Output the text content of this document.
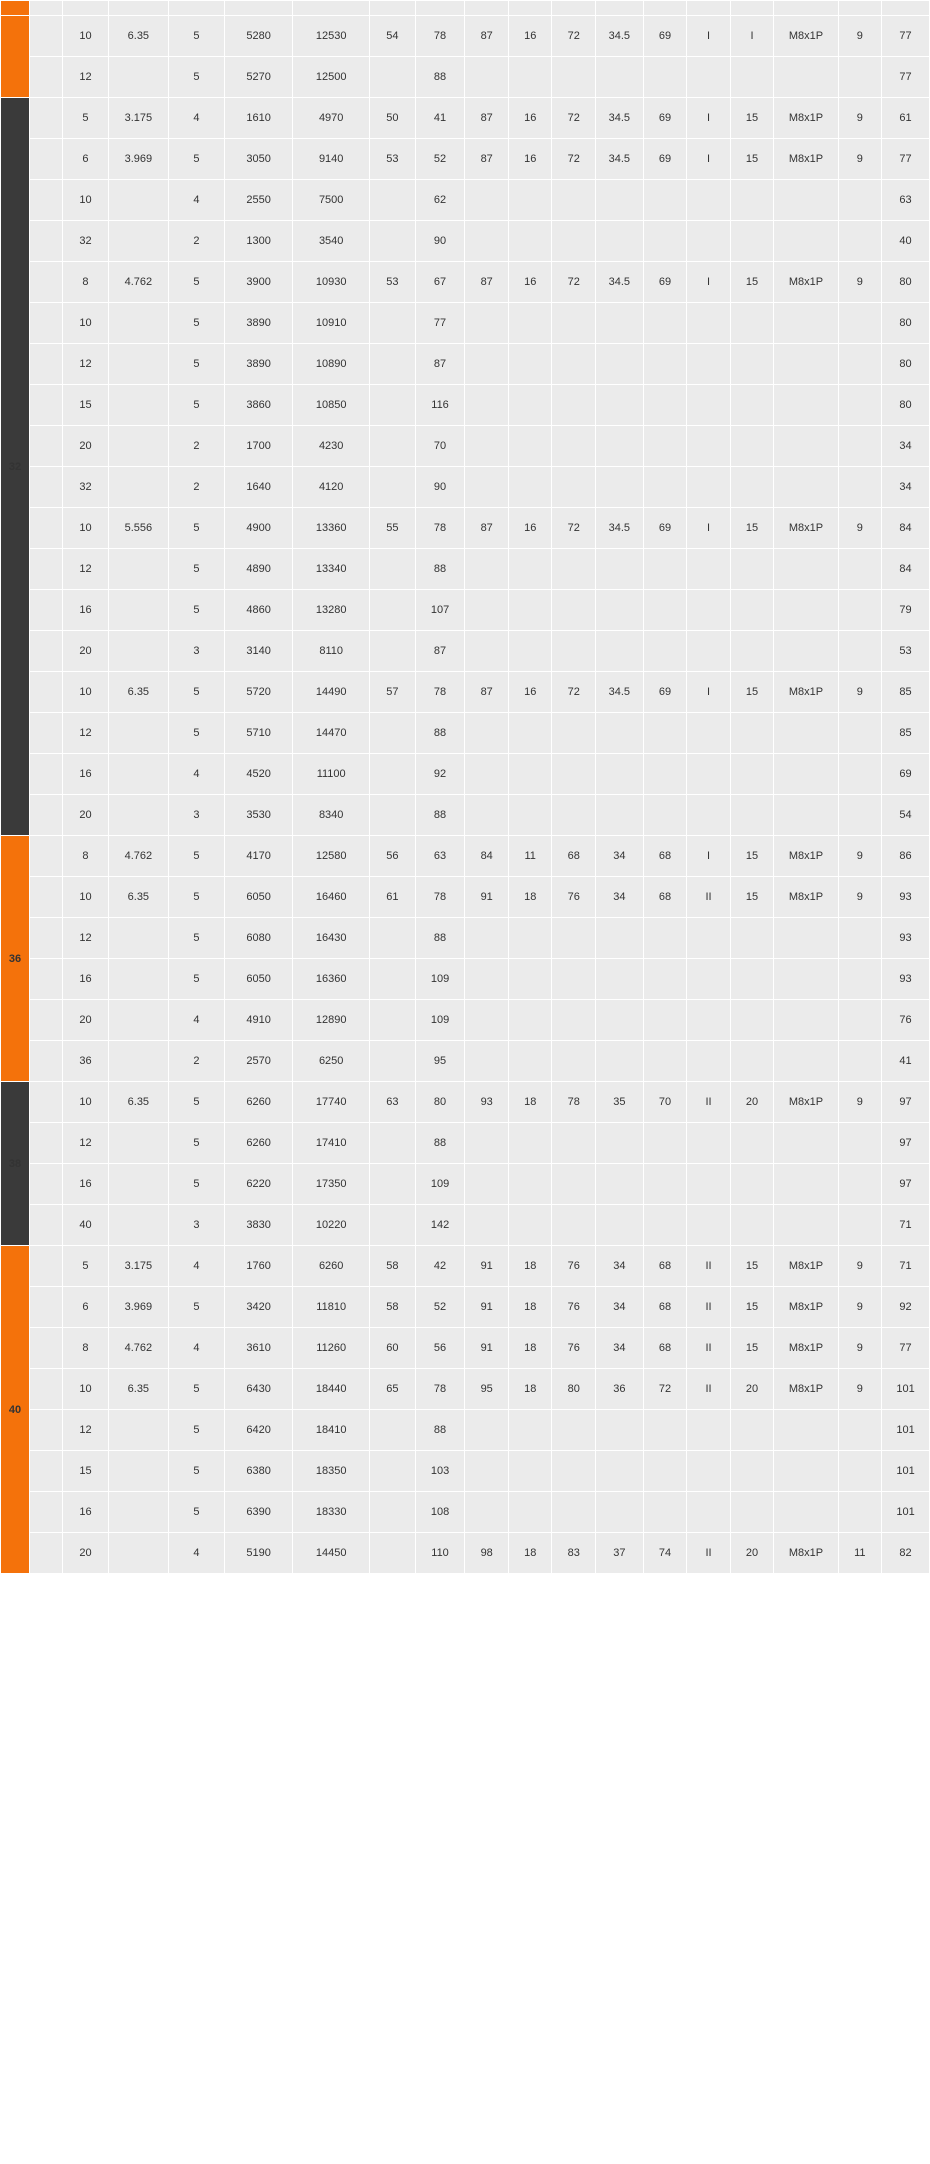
		10	6.35	5	5280	12530	54	78	87	16	72	34.5	69	I	I	M8x1P	9	77
		12		5	5270	12500		88										77
32		5	3.175	4	1610	4970	50	41	87	16	72	34.5	69	I	15	M8x1P	9	61
		6	3.969	5	3050	9140	53	52	87	16	72	34.5	69	I	15	M8x1P	9	77
		10		4	2550	7500		62										63
		32		2	1300	3540		90										40
		8	4.762	5	3900	10930	53	67	87	16	72	34.5	69	I	15	M8x1P	9	80
		10		5	3890	10910		77										80
		12		5	3890	10890		87										80
		15		5	3860	10850		116										80
		20		2	1700	4230		70										34
		32		2	1640	4120		90										34
		10	5.556	5	4900	13360	55	78	87	16	72	34.5	69	I	15	M8x1P	9	84
		12		5	4890	13340		88										84
		16		5	4860	13280		107										79
		20		3	3140	8110		87										53
		10	6.35	5	5720	14490	57	78	87	16	72	34.5	69	I	15	M8x1P	9	85
		12		5	5710	14470		88										85
		16		4	4520	11100		92										69
		20		3	3530	8340		88										54
36		8	4.762	5	4170	12580	56	63	84	11	68	34	68	I	15	M8x1P	9	86
		10	6.35	5	6050	16460	61	78	91	18	76	34	68	II	15	M8x1P	9	93
		12		5	6080	16430		88										93
		16		5	6050	16360		109										93
		20		4	4910	12890		109										76
		36		2	2570	6250		95										41
38		10	6.35	5	6260	17740	63	80	93	18	78	35	70	II	20	M8x1P	9	97
		12		5	6260	17410		88										97
		16		5	6220	17350		109										97
		40		3	3830	10220		142										71
40		5	3.175	4	1760	6260	58	42	91	18	76	34	68	II	15	M8x1P	9	71
		6	3.969	5	3420	11810	58	52	91	18	76	34	68	II	15	M8x1P	9	92
		8	4.762	4	3610	11260	60	56	91	18	76	34	68	II	15	M8x1P	9	77
		10	6.35	5	6430	18440	65	78	95	18	80	36	72	II	20	M8x1P	9	101
		12		5	6420	18410		88										101
		15		5	6380	18350		103										101
		16		5	6390	18330		108										101
		20		4	5190	14450		110	98	18	83	37	74	II	20	M8x1P	11	82
